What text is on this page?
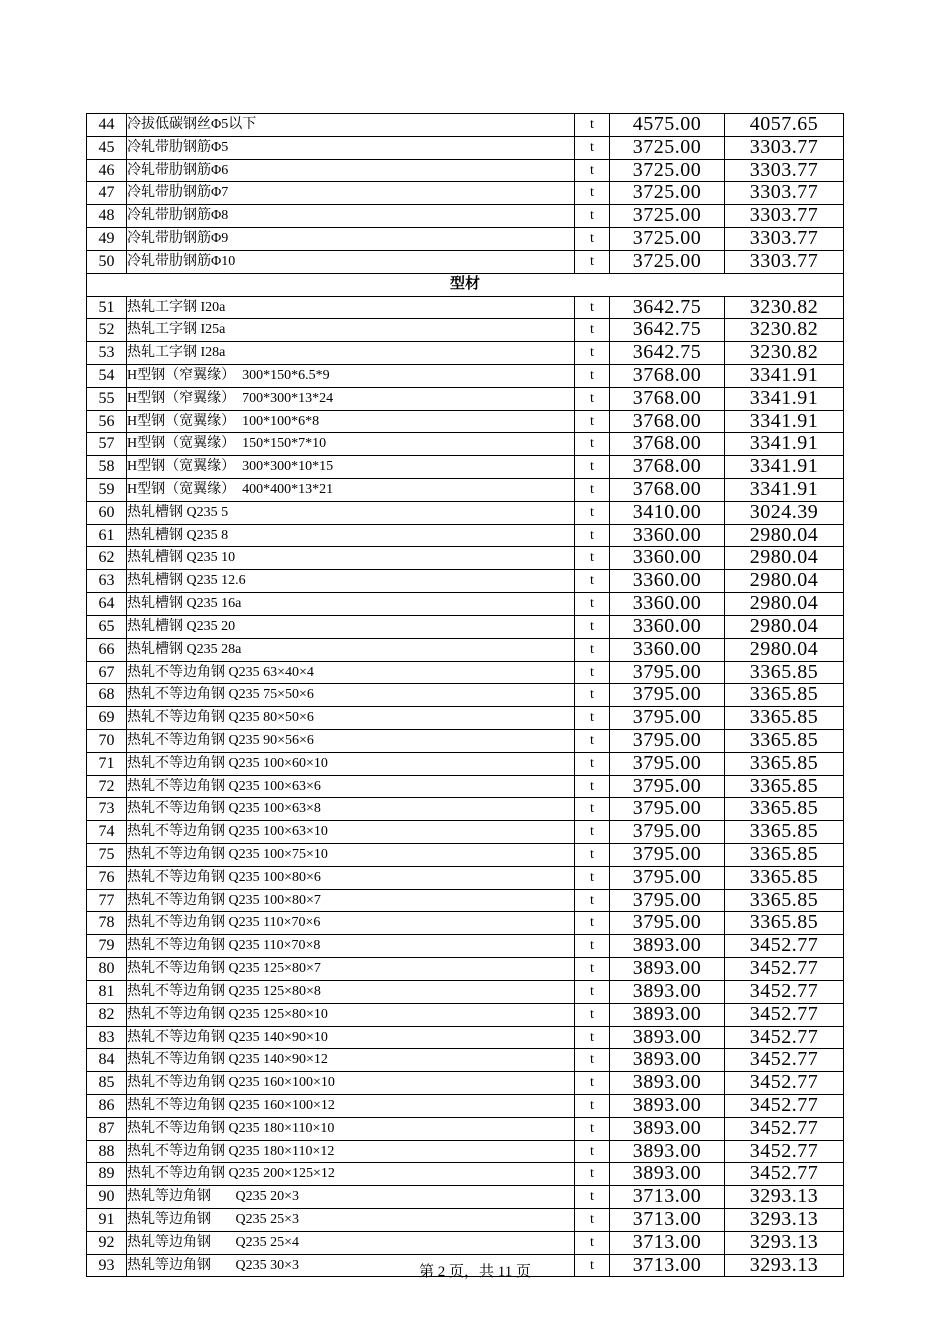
44	冷拔低碳钢丝Φ5以下	t	4575.00	4057.65
45	冷轧带肋钢筋Φ5	t	3725.00	3303.77
46	冷轧带肋钢筋Φ6	t	3725.00	3303.77
47	冷轧带肋钢筋Φ7	t	3725.00	3303.77
48	冷轧带肋钢筋Φ8	t	3725.00	3303.77
49	冷轧带肋钢筋Φ9	t	3725.00	3303.77
50	冷轧带肋钢筋Φ10	t	3725.00	3303.77
型材				
51	热轧工字钢 I20a	t	3642.75	3230.82
52	热轧工字钢 I25a	t	3642.75	3230.82
53	热轧工字钢 I28a	t	3642.75	3230.82
54	H型钢（窄翼缘）  300*150*6.5*9	t	3768.00	3341.91
55	H型钢（窄翼缘）  700*300*13*24	t	3768.00	3341.91
56	H型钢（宽翼缘）  100*100*6*8	t	3768.00	3341.91
57	H型钢（宽翼缘）  150*150*7*10	t	3768.00	3341.91
58	H型钢（宽翼缘）  300*300*10*15	t	3768.00	3341.91
59	H型钢（宽翼缘）  400*400*13*21	t	3768.00	3341.91
60	热轧槽钢 Q235 5	t	3410.00	3024.39
61	热轧槽钢 Q235 8	t	3360.00	2980.04
62	热轧槽钢 Q235 10	t	3360.00	2980.04
63	热轧槽钢 Q235 12.6	t	3360.00	2980.04
64	热轧槽钢 Q235 16a	t	3360.00	2980.04
65	热轧槽钢 Q235 20	t	3360.00	2980.04
66	热轧槽钢 Q235 28a	t	3360.00	2980.04
67	热轧不等边角钢 Q235 63×40×4	t	3795.00	3365.85
68	热轧不等边角钢 Q235 75×50×6	t	3795.00	3365.85
69	热轧不等边角钢 Q235 80×50×6	t	3795.00	3365.85
70	热轧不等边角钢 Q235 90×56×6	t	3795.00	3365.85
71	热轧不等边角钢 Q235 100×60×10	t	3795.00	3365.85
72	热轧不等边角钢 Q235 100×63×6	t	3795.00	3365.85
73	热轧不等边角钢 Q235 100×63×8	t	3795.00	3365.85
74	热轧不等边角钢 Q235 100×63×10	t	3795.00	3365.85
75	热轧不等边角钢 Q235 100×75×10	t	3795.00	3365.85
76	热轧不等边角钢 Q235 100×80×6	t	3795.00	3365.85
77	热轧不等边角钢 Q235 100×80×7	t	3795.00	3365.85
78	热轧不等边角钢 Q235 110×70×6	t	3795.00	3365.85
79	热轧不等边角钢 Q235 110×70×8	t	3893.00	3452.77
80	热轧不等边角钢 Q235 125×80×7	t	3893.00	3452.77
81	热轧不等边角钢 Q235 125×80×8	t	3893.00	3452.77
82	热轧不等边角钢 Q235 125×80×10	t	3893.00	3452.77
83	热轧不等边角钢 Q235 140×90×10	t	3893.00	3452.77
84	热轧不等边角钢 Q235 140×90×12	t	3893.00	3452.77
85	热轧不等边角钢 Q235 160×100×10	t	3893.00	3452.77
86	热轧不等边角钢 Q235 160×100×12	t	3893.00	3452.77
87	热轧不等边角钢 Q235 180×110×10	t	3893.00	3452.77
88	热轧不等边角钢 Q235 180×110×12	t	3893.00	3452.77
89	热轧不等边角钢 Q235 200×125×12	t	3893.00	3452.77
90	热轧等边角钢       Q235 20×3	t	3713.00	3293.13
91	热轧等边角钢       Q235 25×3	t	3713.00	3293.13
92	热轧等边角钢       Q235 25×4	t	3713.00	3293.13
93	热轧等边角钢       Q235 30×3	t	3713.00	3293.13
第 2 页，共 11 页
